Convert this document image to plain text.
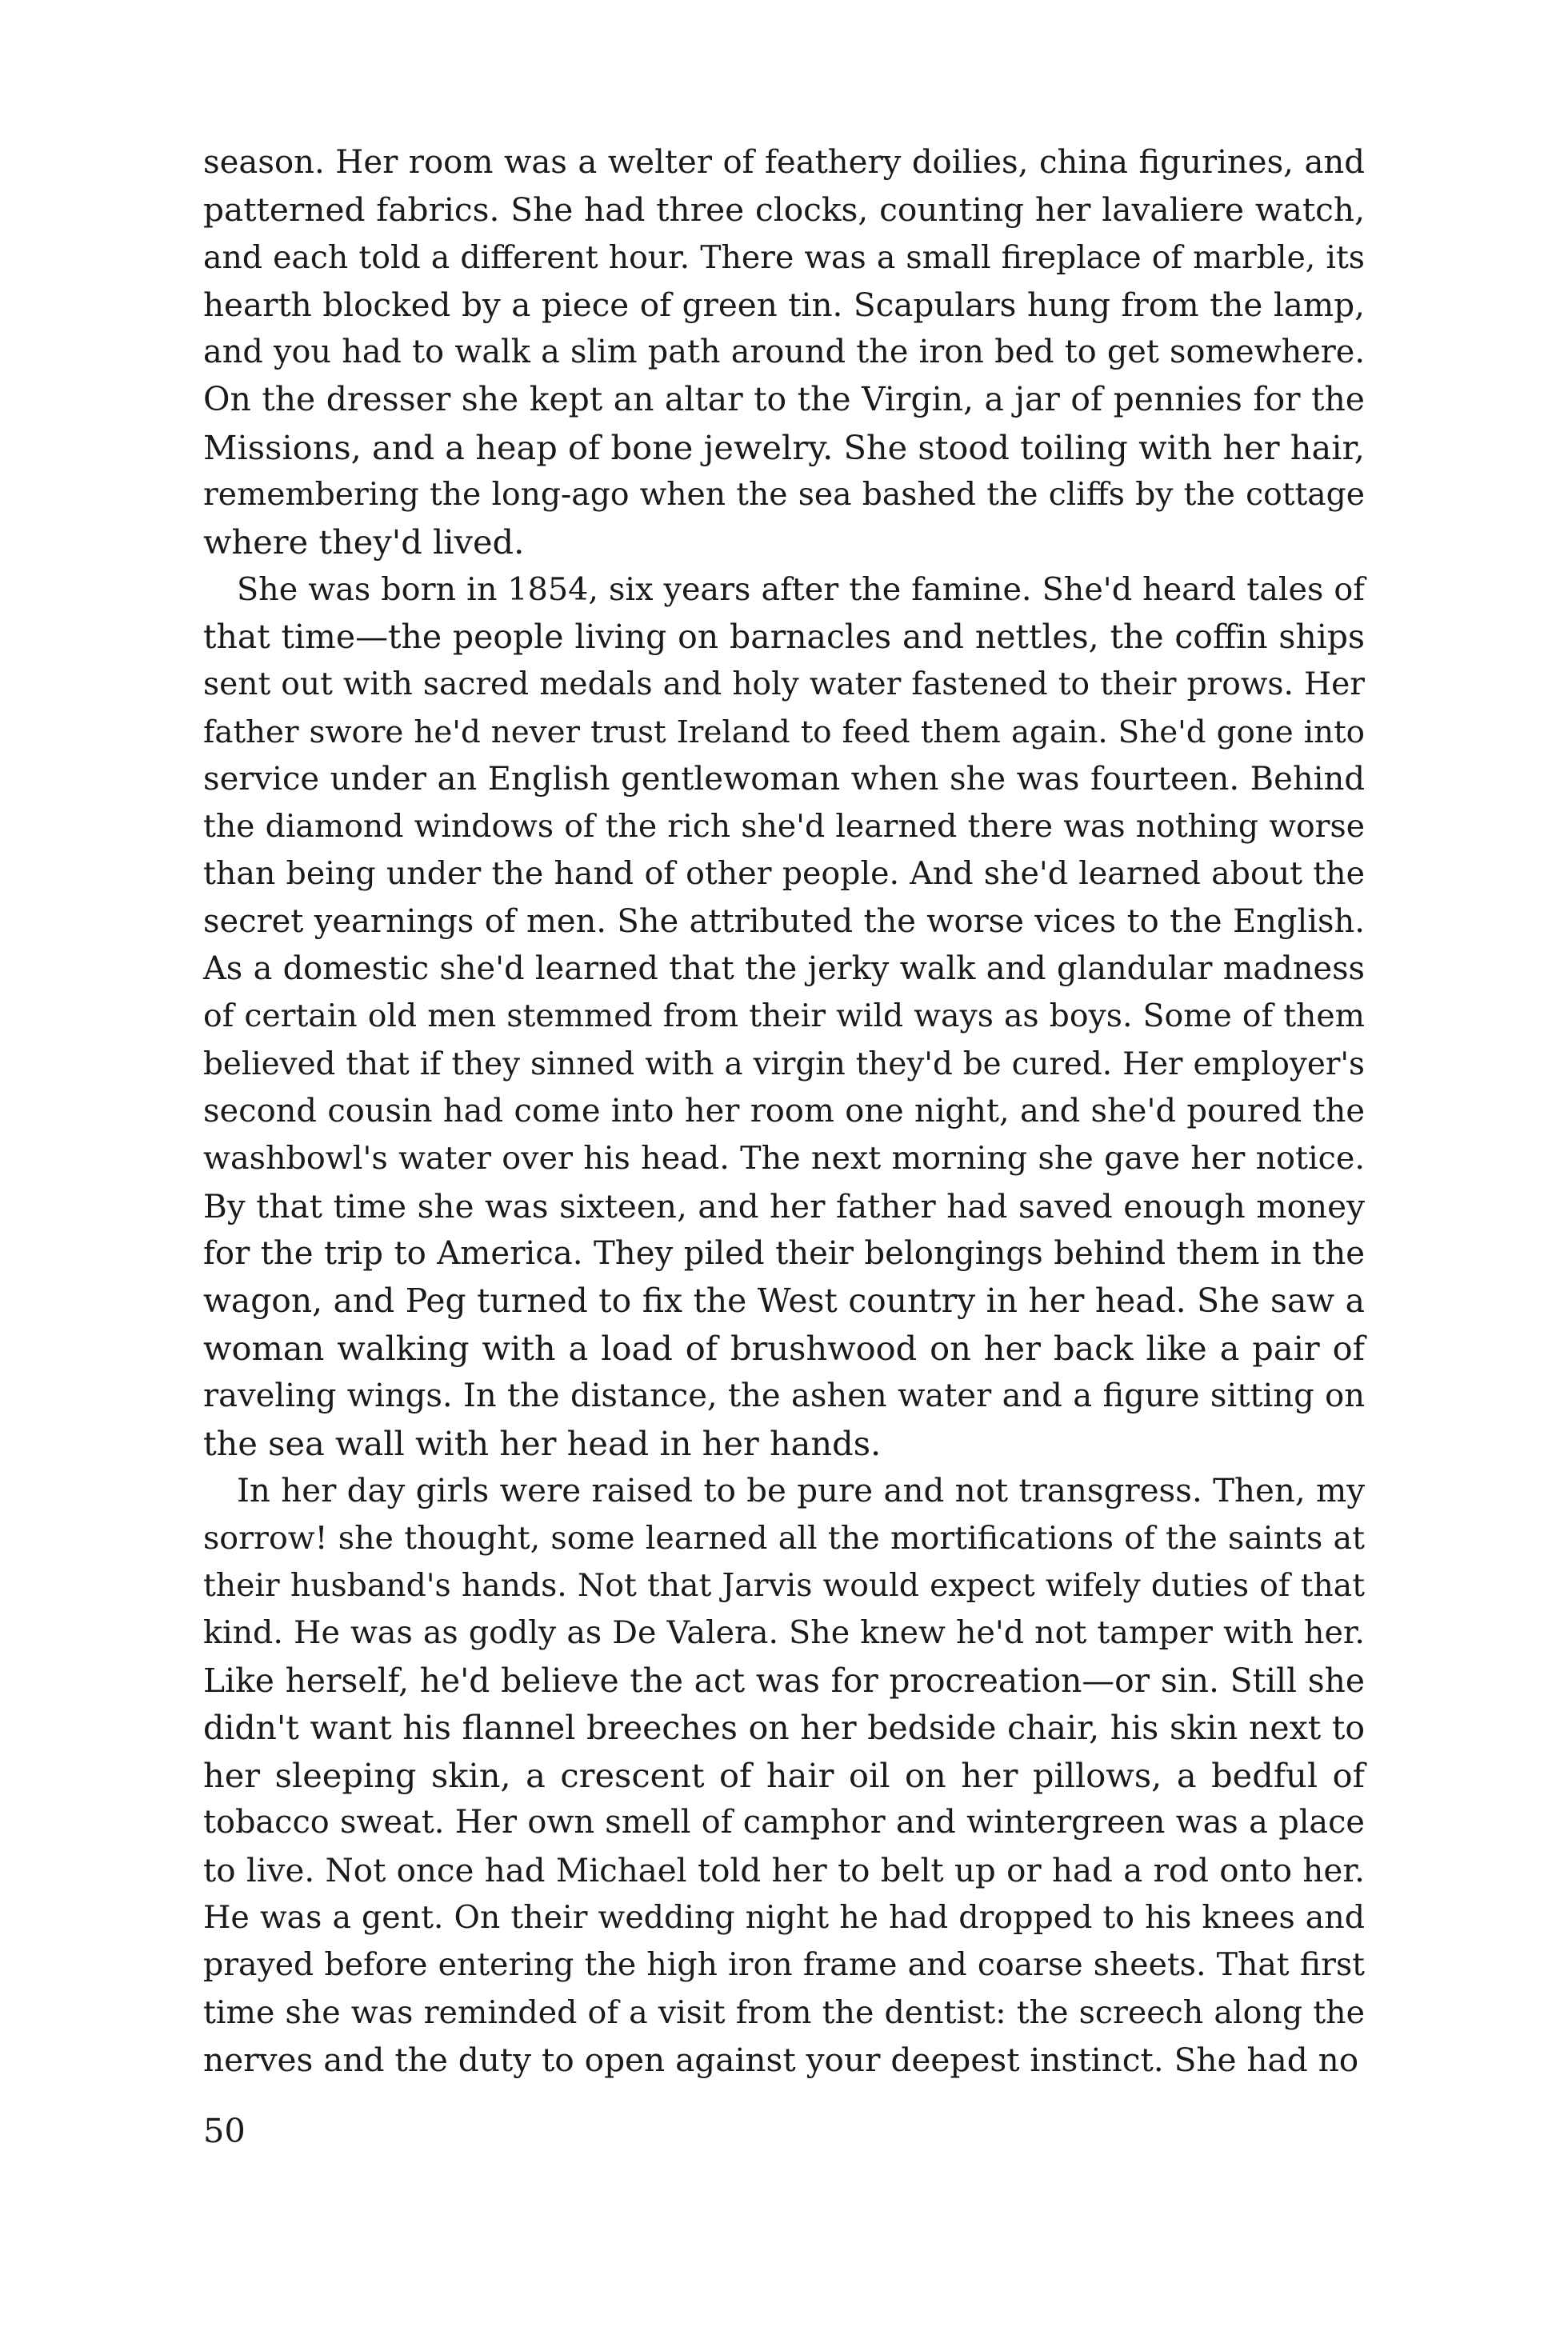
season. Her room was a welter of feathery doilies, china figurines, and
patterned fabrics. She had three clocks, counting her lavaliere watch,
and each told a different hour. There was a small fireplace of marble, its
hearth blocked by a piece of green tin. Scapulars hung from the lamp,
and you had to walk a slim path around the iron bed to get somewhere.
On the dresser she kept an altar to the Virgin, a jar of pennies for the
Missions, and a heap of bone jewelry. She stood toiling with her hair,
remembering the long-ago when the sea bashed the cliffs by the cottage
where they'd lived.
She was born in 1854, six years after the famine. She'd heard tales of
that time—the people living on barnacles and nettles, the coffin ships
sent out with sacred medals and holy water fastened to their prows. Her
father swore he'd never trust Ireland to feed them again. She'd gone into
service under an English gentlewoman when she was fourteen. Behind
the diamond windows of the rich she'd learned there was nothing worse
than being under the hand of other people. And she'd learned about the
secret yearnings of men. She attributed the worse vices to the English.
As a domestic she'd learned that the jerky walk and glandular madness
of certain old men stemmed from their wild ways as boys. Some of them
believed that if they sinned with a virgin they'd be cured. Her employer's
second cousin had come into her room one night, and she'd poured the
washbowl's water over his head. The next morning she gave her notice.
By that time she was sixteen, and her father had saved enough money
for the trip to America. They piled their belongings behind them in the
wagon, and Peg turned to fix the West country in her head. She saw a
woman walking with a load of brushwood on her back like a pair of
raveling wings. In the distance, the ashen water and a figure sitting on
the sea wall with her head in her hands.
In her day girls were raised to be pure and not transgress. Then, my
sorrow! she thought, some learned all the mortifications of the saints at
their husband's hands. Not that Jarvis would expect wifely duties of that
kind. He was as godly as De Valera. She knew he'd not tamper with her.
Like herself, he'd believe the act was for procreation—or sin. Still she
didn't want his flannel breeches on her bedside chair, his skin next to
her sleeping skin, a crescent of hair oil on her pillows, a bedful of
tobacco sweat. Her own smell of camphor and wintergreen was a place
to live. Not once had Michael told her to belt up or had a rod onto her.
He was a gent. On their wedding night he had dropped to his knees and
prayed before entering the high iron frame and coarse sheets. That first
time she was reminded of a visit from the dentist: the screech along the
nerves and the duty to open against your deepest instinct. She had no
50
